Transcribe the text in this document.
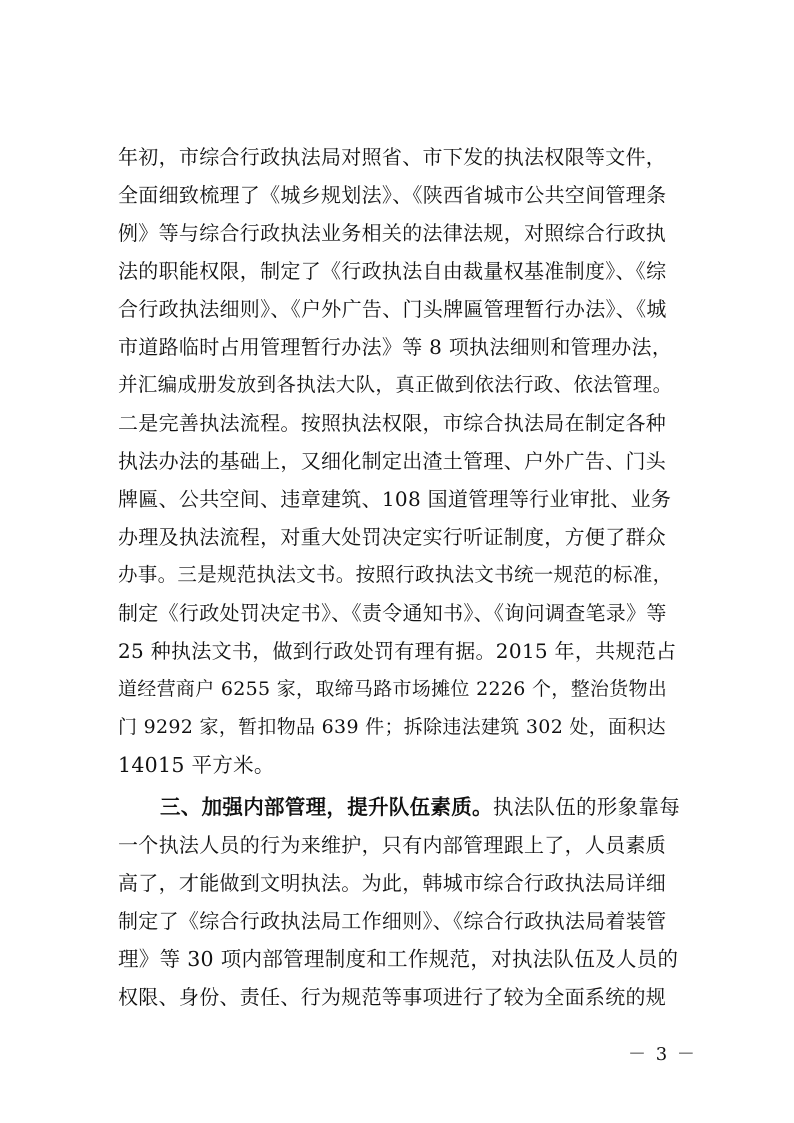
年初，市综合行政执法局对照省、市下发的执法权限等文件，
全面细致梳理了《城乡规划法》、《陕西省城市公共空间管理条
例》等与综合行政执法业务相关的法律法规，对照综合行政执
法的职能权限，制定了《行政执法自由裁量权基准制度》、《综
合行政执法细则》、《户外广告、门头牌匾管理暂行办法》、《城
市道路临时占用管理暂行办法》等 8 项执法细则和管理办法，
并汇编成册发放到各执法大队，真正做到依法行政、依法管理。
二是完善执法流程。按照执法权限，市综合执法局在制定各种
执法办法的基础上，又细化制定出渣土管理、户外广告、门头
牌匾、公共空间、违章建筑、108 国道管理等行业审批、业务
办理及执法流程，对重大处罚决定实行听证制度，方便了群众
办事。三是规范执法文书。按照行政执法文书统一规范的标准，
制定《行政处罚决定书》、《责令通知书》、《询问调查笔录》等
25 种执法文书，做到行政处罚有理有据。2015 年，共规范占
道经营商户 6255 家，取缔马路市场摊位 2226 个，整治货物出
门 9292 家，暂扣物品 639 件；拆除违法建筑 302 处，面积达
14015 平方米。
三、加强内部管理，提升队伍素质。执法队伍的形象靠每
一个执法人员的行为来维护，只有内部管理跟上了，人员素质
高了，才能做到文明执法。为此，韩城市综合行政执法局详细
制定了《综合行政执法局工作细则》、《综合行政执法局着装管
理》等 30 项内部管理制度和工作规范，对执法队伍及人员的
权限、身份、责任、行为规范等事项进行了较为全面系统的规
－ 3 －
